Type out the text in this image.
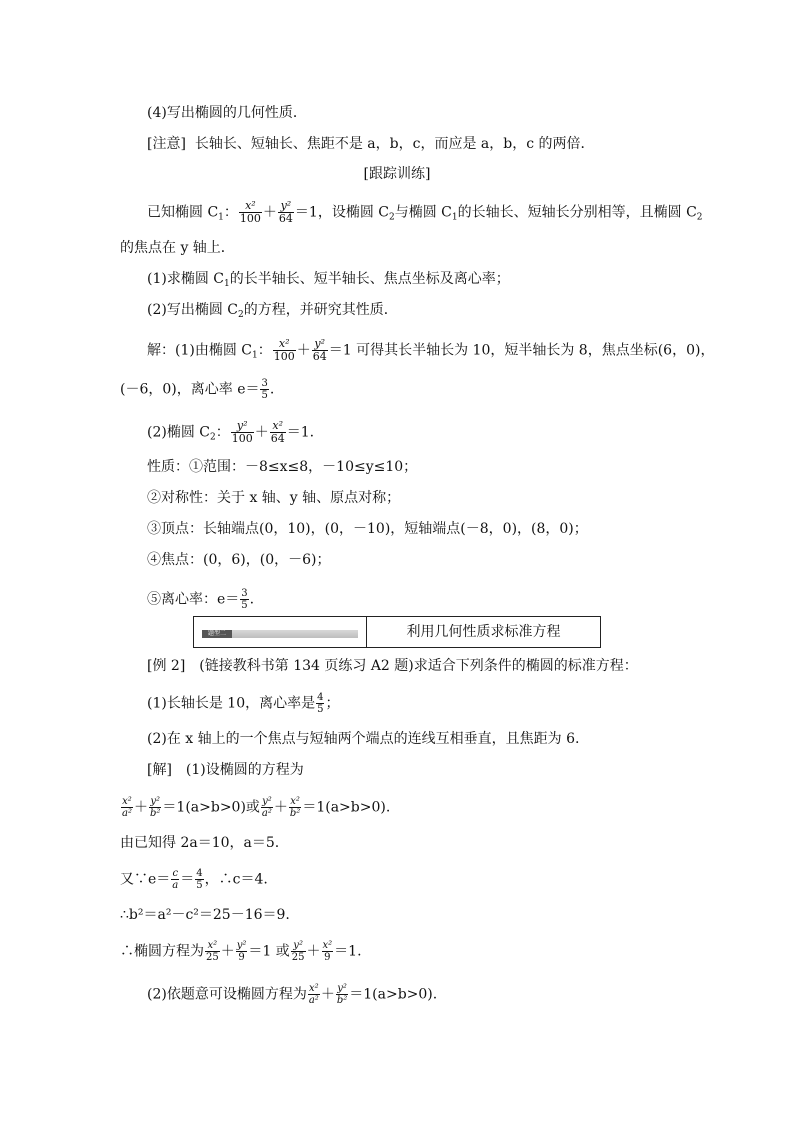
(4)写出椭圆的几何性质．
[注意] 长轴长、短轴长、焦距不是 a，b，c，而应是 a，b，c 的两倍．
[跟踪训练]
已知椭圆 $C_1$： $\frac{\text{x²}}{100} + \frac{\text{y²}}{64} =1$，设椭圆 $C_2$与椭圆 $C_1$的长轴长、短轴长分别相等，且椭圆 $C_2$
的焦点在 y 轴上．
(1)求椭圆 $C_1$的长半轴长、短半轴长、焦点坐标及离心率；
(2)写出椭圆 $C_2$的方程，并研究其性质．
解：(1)由椭圆 $C_1$： $\frac{\text{x²}}{100} + \frac{\text{y²}}{64} =1$ 可得其长半轴长为 10，短半轴长为 8，焦点坐标(6，0)，
(－6，0)，离心率 $e= \frac{3}{5}$ .
(2)椭圆 $C_2$： $\frac{\text{y²}}{100} + \frac{\text{x²}}{64} =1$.
性质：①范围：－8≤x≤8，－10≤y≤10；
②对称性：关于 x 轴、y 轴、原点对称；
③顶点：长轴端点(0，10)，(0，－10)，短轴端点(－8，0)，(8，0)；
④焦点：(0，6)，(0，－6)；
⑤离心率：$e= \frac{3}{5}$ .
题型二	利用几何性质求标准方程
[例 2]　(链接教科书第 134 页练习 A2 题)求适合下列条件的椭圆的标准方程：
(1)长轴长是 10，离心率是 $\frac{4}{5}$ ；
(2)在 x 轴上的一个焦点与短轴两个端点的连线互相垂直，且焦距为 6.
[解]　(1)设椭圆的方程为
$\frac{\text{x²}}{\text{a²}} + \frac{\text{y²}}{\text{b²}} =1(a>b>0)$或 $\frac{\text{y²}}{\text{a²}} + \frac{\text{x²}}{\text{b²}} =1(a>b>0)$.
由已知得 2a＝10，a＝5.
又∵e＝ $\frac{c}{a} = \frac{4}{5}$ ，∴c＝4.
∴b²＝a²－c²＝25－16＝9.
∴椭圆方程为 $\frac{\text{x²}}{25} + \frac{\text{y²}}{9} =1$ 或 $\frac{\text{y²}}{25} + \frac{\text{x²}}{9} =1$.
(2)依题意可设椭圆方程为 $\frac{\text{x²}}{\text{a²}} + \frac{\text{y²}}{\text{b²}} =1(a>b>0)$.
